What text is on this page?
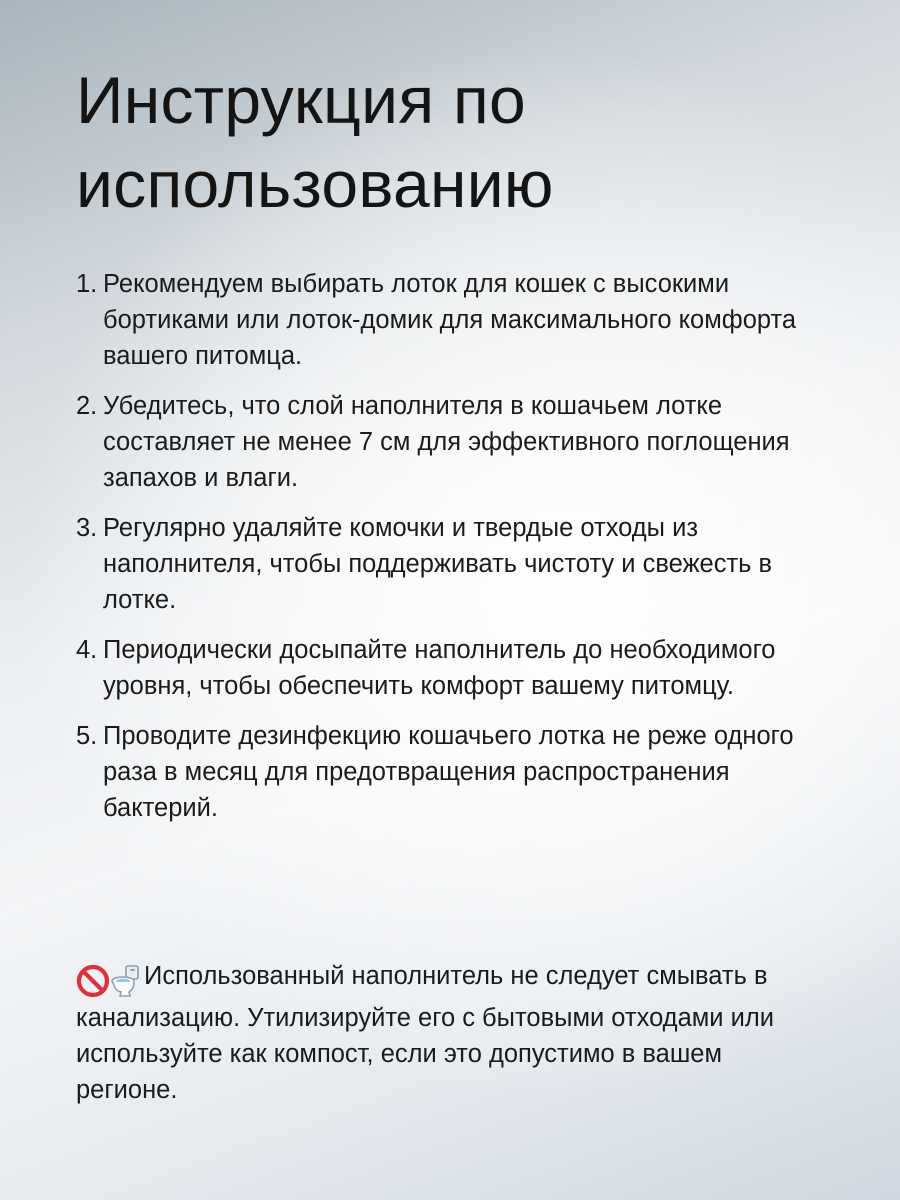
Инструкция по использованию
1. Рекомендуем выбирать лоток для кошек с высокими бортиками или лоток-домик для максимального комфорта вашего питомца.
2. Убедитесь, что слой наполнителя в кошачьем лотке составляет не менее 7 см для эффективного поглощения запахов и влаги.
3. Регулярно удаляйте комочки и твердые отходы из наполнителя, чтобы поддерживать чистоту и свежесть в лотке.
4. Периодически досыпайте наполнитель до необходимого уровня, чтобы обеспечить комфорт вашему питомцу.
5. Проводите дезинфекцию кошачьего лотка не реже одного раза в месяц для предотвращения распространения бактерий.

Использованный наполнитель не следует смывать в канализацию. Утилизируйте его с бытовыми отходами или используйте как компост, если это допустимо в вашем регионе.
